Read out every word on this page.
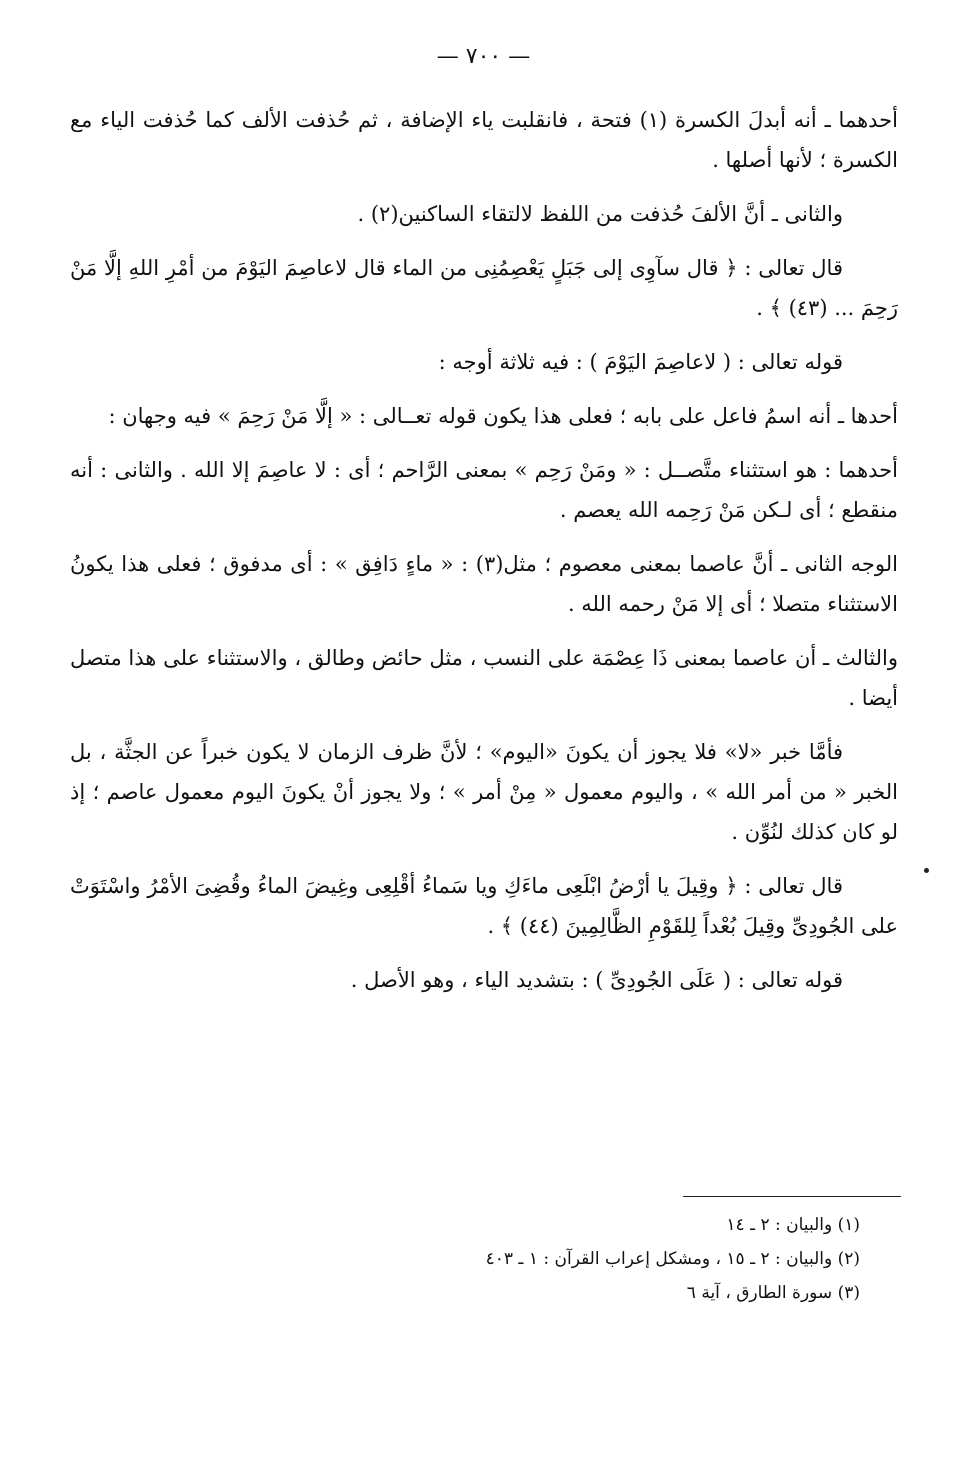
— ٧٠٠ —

أحدهما ـ أنه أبدلَ الكسرة (١) فتحة ، فانقلبت ياء الإضافة ، ثم حُذفت الألف كما حُذفت الياء مع الكسرة ؛ لأنها أصلها .

والثانى ـ أنَّ الألفَ حُذفت من اللفظ لالتقاء الساكنين(٢) .

قال تعالى : ﴿ قال سآوِى إلى جَبَلٍ يَعْصِمُنِى من الماء قال لاعاصِمَ اليَوْمَ من أمْرِ اللهِ إلَّا مَنْ رَحِمَ ... (٤٣) ﴾ .

قوله تعالى : ( لاعاصِمَ اليَوْمَ ) : فيه ثلاثة أوجه :

أحدها ـ أنه اسمُ فاعل على بابه ؛ فعلى هذا يكون قوله تعــالى : « إلَّا مَنْ رَحِمَ » فيه وجهان :

أحدهما : هو استثناء متَّصــل : « ومَنْ رَحِم » بمعنى الرَّاحم ؛ أى : لا عاصِمَ إلا الله . والثانى : أنه منقطع ؛ أى لـكن مَنْ رَحِمه الله يعصم .

الوجه الثانى ـ أنَّ عاصما بمعنى معصوم ؛ مثل(٣) : « ماءٍ دَافِق » : أى مدفوق ؛ فعلى هذا يكونُ الاستثناء متصلا ؛ أى إلا مَنْ رحمه الله .

والثالث ـ أن عاصما بمعنى ذَا عِصْمَة على النسب ، مثل حائض وطالق ، والاستثناء على هذا متصل أيضا .

فأمَّا خبر «لا» فلا يجوز أن يكونَ «اليوم» ؛ لأنَّ ظرف الزمان لا يكون خبراً عن الجثَّة ، بل الخبر « من أمر الله » ، واليوم معمول « مِنْ أمر » ؛ ولا يجوز أنْ يكونَ اليوم معمول عاصم ؛ إذ لو كان كذلك لنُوِّن .

قال تعالى : ﴿ وقِيلَ يا أرْضُ ابْلَعِى ماءَكِ ويا سَماءُ أقْلِعِى وغِيضَ الماءُ وقُضِىَ الأمْرُ واسْتَوَتْ على الجُودِىِّ وقِيلَ بُعْداً لِلقَوْمِ الظَّالِمِينَ (٤٤) ﴾ .

قوله تعالى : ( عَلَى الجُودِىِّ ) : بتشديد الياء ، وهو الأصل .

(١) والبيان : ٢ ـ ١٤

(٢) والبيان : ٢ ـ ١٥ ، ومشكل إعراب القرآن : ١ ـ ٤٠٣

(٣) سورة الطارق ، آية ٦
